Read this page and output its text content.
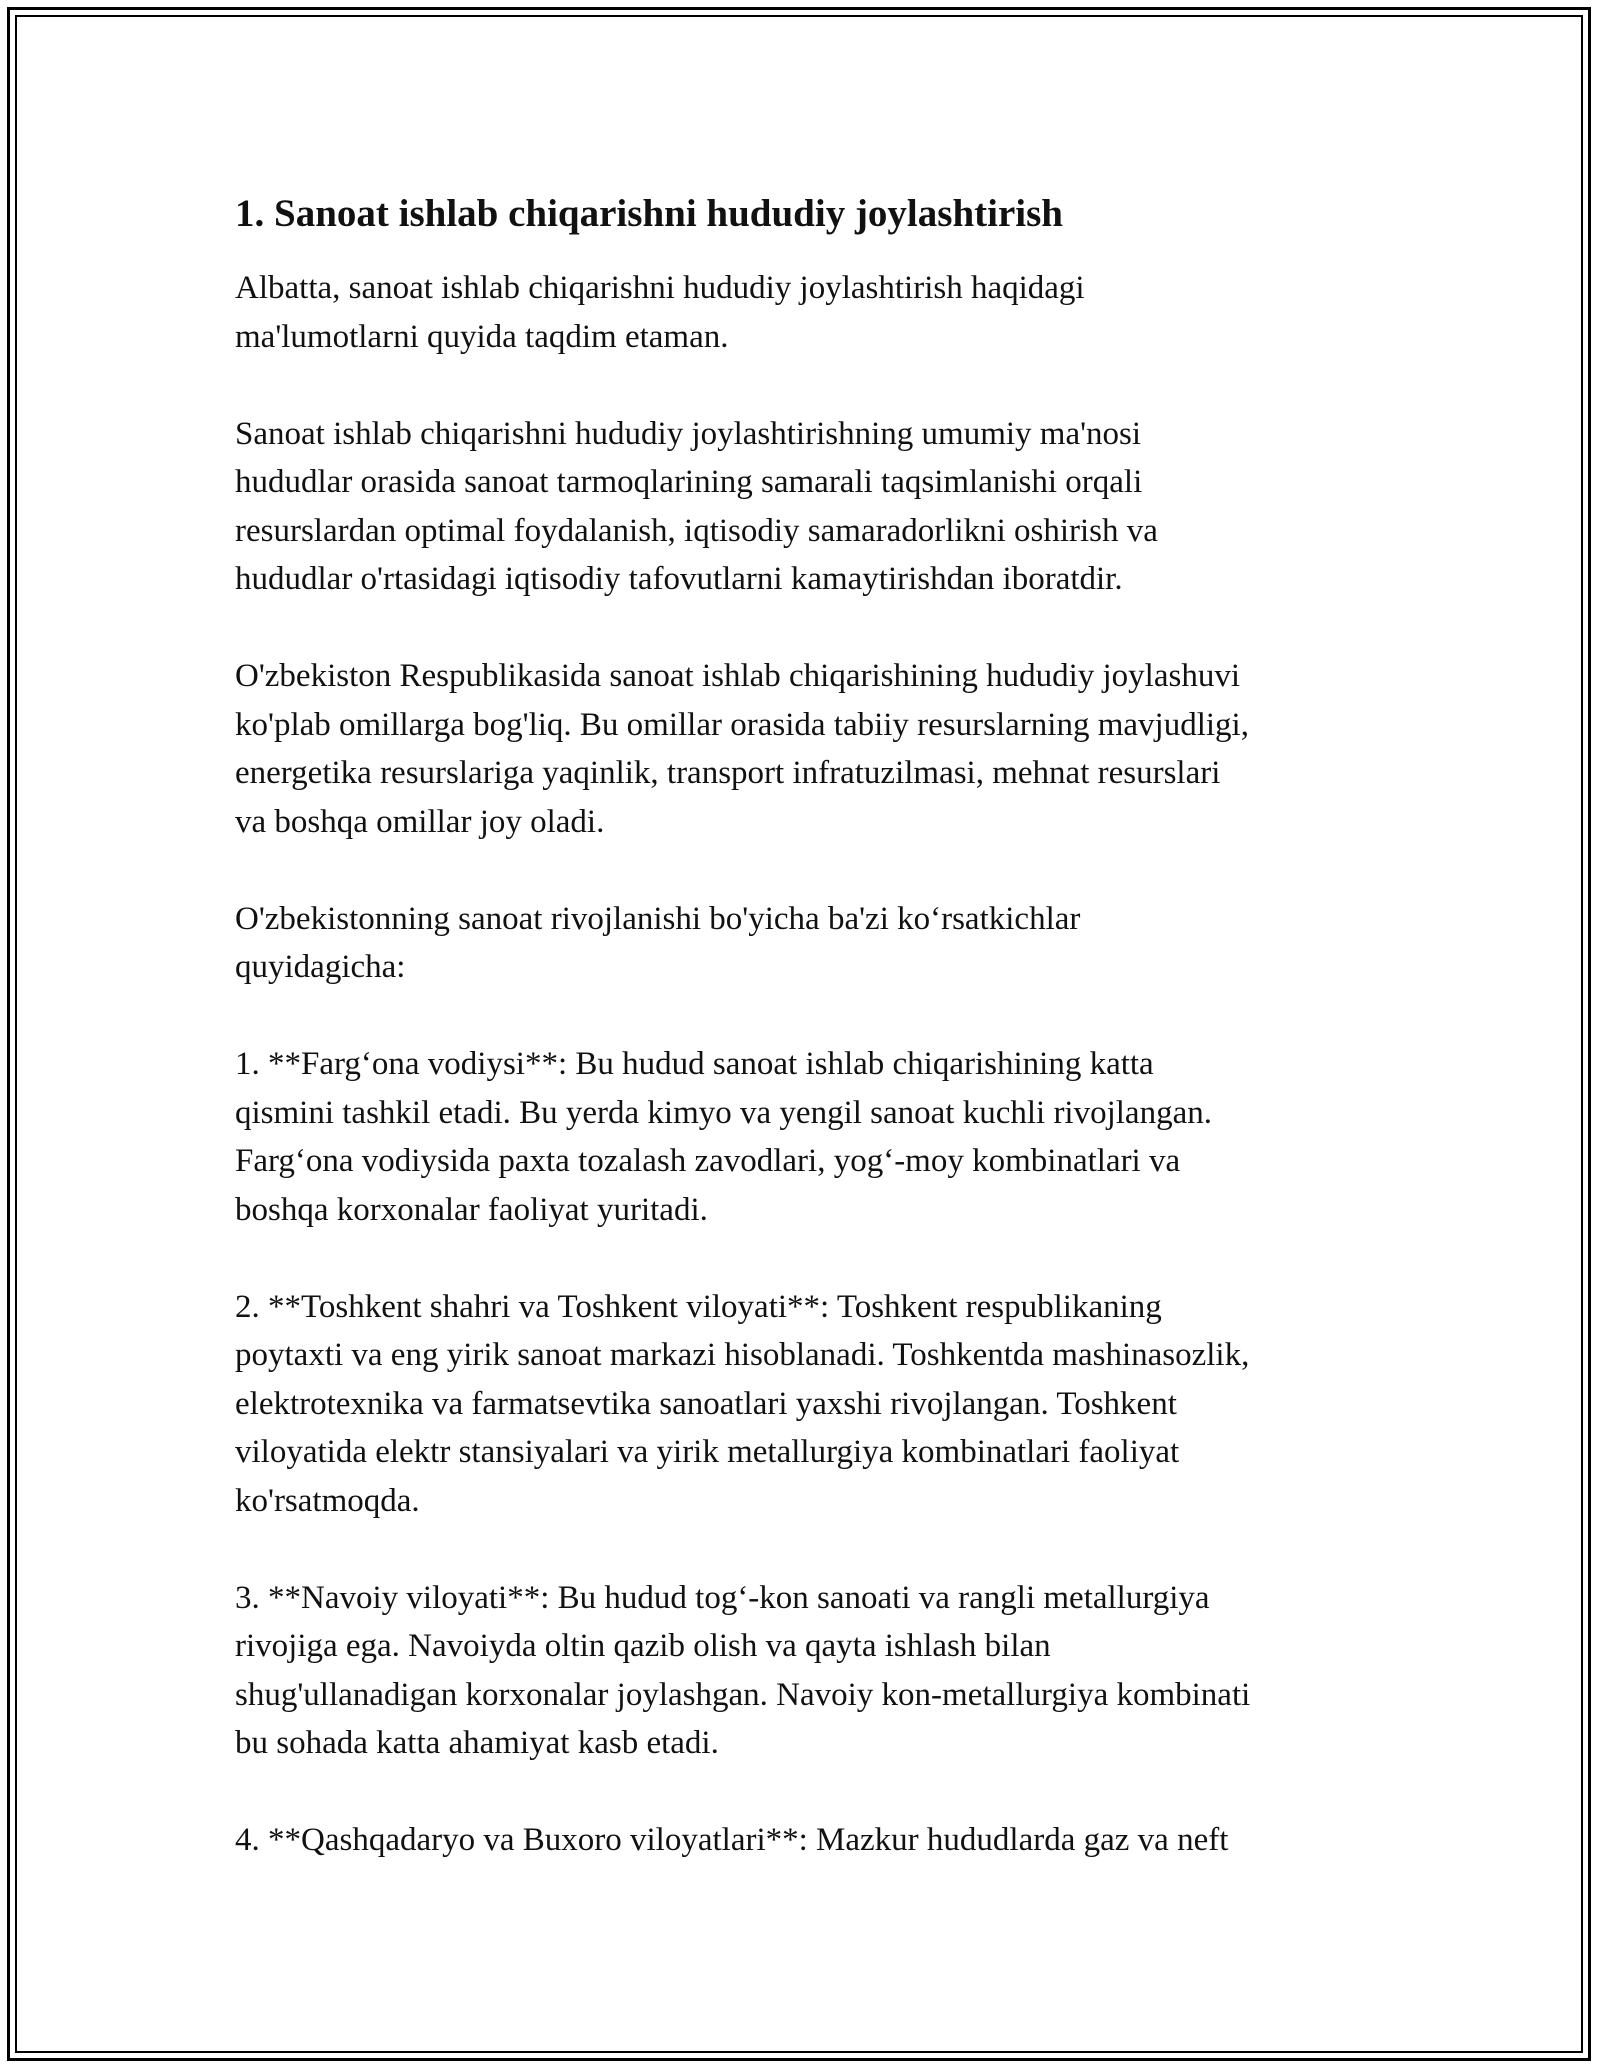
1. Sanoat ishlab chiqarishni hududiy joylashtirish

Albatta, sanoat ishlab chiqarishni hududiy joylashtirish haqidagi
ma'lumotlarni quyida taqdim etaman.

Sanoat ishlab chiqarishni hududiy joylashtirishning umumiy ma'nosi
hududlar orasida sanoat tarmoqlarining samarali taqsimlanishi orqali
resurslardan optimal foydalanish, iqtisodiy samaradorlikni oshirish va
hududlar o'rtasidagi iqtisodiy tafovutlarni kamaytirishdan iboratdir.

O'zbekiston Respublikasida sanoat ishlab chiqarishining hududiy joylashuvi
ko'plab omillarga bog'liq. Bu omillar orasida tabiiy resurslarning mavjudligi,
energetika resurslariga yaqinlik, transport infratuzilmasi, mehnat resurslari
va boshqa omillar joy oladi.

O'zbekistonning sanoat rivojlanishi bo'yicha ba'zi ko‘rsatkichlar
quyidagicha:

1. **Farg‘ona vodiysi**: Bu hudud sanoat ishlab chiqarishining katta
qismini tashkil etadi. Bu yerda kimyo va yengil sanoat kuchli rivojlangan.
Farg‘ona vodiysida paxta tozalash zavodlari, yog‘-moy kombinatlari va
boshqa korxonalar faoliyat yuritadi.

2. **Toshkent shahri va Toshkent viloyati**: Toshkent respublikaning
poytaxti va eng yirik sanoat markazi hisoblanadi. Toshkentda mashinasozlik,
elektrotexnika va farmatsevtika sanoatlari yaxshi rivojlangan. Toshkent
viloyatida elektr stansiyalari va yirik metallurgiya kombinatlari faoliyat
ko'rsatmoqda.

3. **Navoiy viloyati**: Bu hudud tog‘-kon sanoati va rangli metallurgiya
rivojiga ega. Navoiyda oltin qazib olish va qayta ishlash bilan
shug'ullanadigan korxonalar joylashgan. Navoiy kon-metallurgiya kombinati
bu sohada katta ahamiyat kasb etadi.

4. **Qashqadaryo va Buxoro viloyatlari**: Mazkur hududlarda gaz va neft
